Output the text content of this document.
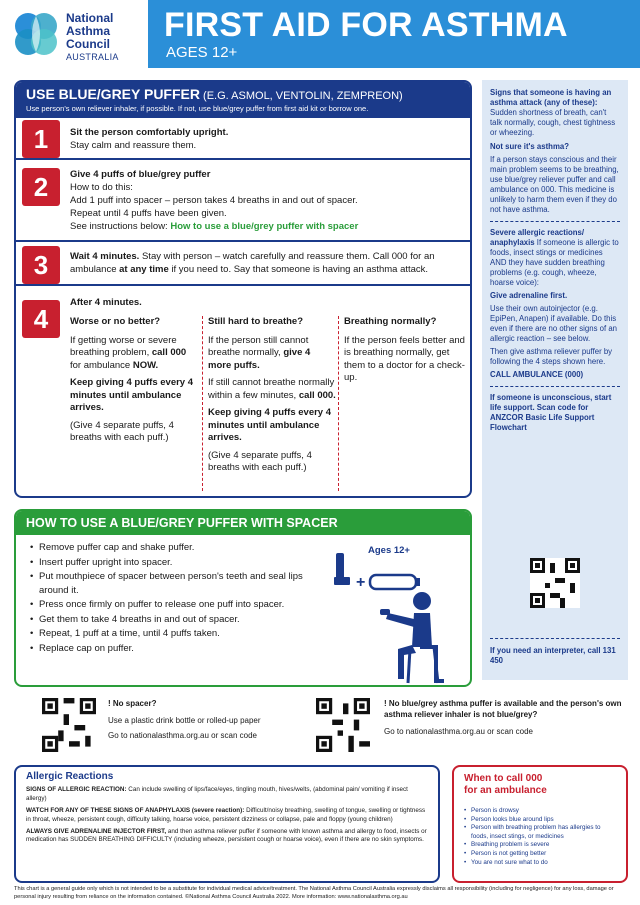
National
Asthma
Council
AUSTRALIA
FIRST AID FOR ASTHMA
AGES 12+
USE BLUE/GREY PUFFER (E.G. ASMOL, VENTOLIN, ZEMPREON)
Use person's own reliever inhaler, if possible. If not, use blue/grey puffer from first aid kit or borrow one.
1	Sit the person comfortably upright.
Stay calm and reassure them.
2	Give 4 puffs of blue/grey puffer
How to do this:
Add 1 puff into spacer – person takes 4 breaths in and out of spacer.
Repeat until 4 puffs have been given.
See instructions below: How to use a blue/grey puffer with spacer
3	Wait 4 minutes. Stay with person – watch carefully and reassure them. Call 000 for an
ambulance at any time if you need to. Say that someone is having an asthma attack.
4
After 4 minutes.
Worse or no better?

If getting worse or severe breathing problem, call 000 for ambulance NOW.

Keep giving 4 puffs every 4 minutes until ambulance arrives.

(Give 4 separate puffs, 4 breaths with each puff.)

Still hard to breathe?

If the person still cannot breathe normally, give 4 more puffs.

If still cannot breathe normally within a few minutes, call 000.

Keep giving 4 puffs every 4 minutes until ambulance arrives.

(Give 4 separate puffs, 4 breaths with each puff.)

Breathing normally?

If the person feels better and is breathing normally, get them to a doctor for a check-up.

Signs that someone is having an asthma attack (any of these): Sudden shortness of breath, can't talk normally, cough, chest tightness or wheezing.

Not sure it's asthma?

If a person stays conscious and their main problem seems to be breathing, use blue/grey reliever puffer and call ambulance on 000. This medicine is unlikely to harm them even if they do not have asthma.

Severe allergic reactions/ anaphylaxis If someone is allergic to foods, insect stings or medicines AND they have sudden breathing problems (e.g. cough, wheeze, hoarse voice):

Give adrenaline first.

Use their own autoinjector (e.g. EpiPen, Anapen) if available. Do this even if there are no other signs of an allergic reaction – see below.

Then give asthma reliever puffer by following the 4 steps shown here.

CALL AMBULANCE (000)

If someone is unconscious, start life support. Scan code for ANZCOR Basic Life Support Flowchart

If you need an interpreter, call 131 450

HOW TO USE A BLUE/GREY PUFFER WITH SPACER
• Remove puffer cap and shake puffer.
• Insert puffer upright into spacer.
• Put mouthpiece of spacer between person's teeth and seal lips around it.
• Press once firmly on puffer to release one puff into spacer.
• Get them to take 4 breaths in and out of spacer.
• Repeat, 1 puff at a time, until 4 puffs taken.
• Replace cap on puffer.
Ages 12+
+
! No spacer?
Use a plastic drink bottle or rolled-up paper
Go to nationalasthma.org.au or scan code
! No blue/grey asthma puffer is available and the person's own asthma reliever inhaler is not blue/grey?
Go to nationalasthma.org.au or scan code
Allergic Reactions

SIGNS OF ALLERGIC REACTION: Can include swelling of lips/face/eyes, tingling mouth, hives/welts, (abdominal pain/ vomiting if insect allergy)

WATCH FOR ANY OF THESE SIGNS OF ANAPHYLAXIS (severe reaction): Difficult/noisy breathing, swelling of tongue, swelling or tightness in throat, wheeze, persistent cough, difficulty talking, hoarse voice, persistent dizziness or collapse, pale and floppy (young children)

ALWAYS GIVE ADRENALINE INJECTOR FIRST, and then asthma reliever puffer if someone with known asthma and allergy to food, insects or medication has SUDDEN BREATHING DIFFICULTY (including wheeze, persistent cough or hoarse voice), even if there are no skin symptoms.

When to call 000
for an ambulance
• Person is drowsy
• Person looks blue around lips
• Person with breathing problem has allergies to foods, insect stings, or medicines
• Breathing problem is severe
• Person is not getting better
• You are not sure what to do
This chart is a general guide only which is not intended to be a substitute for individual medical advice/treatment. The National Asthma Council Australia expressly disclaims all responsibility (including for negligence) for any loss, damage or personal injury resulting from reliance on the information contained. ©National Asthma Council Australia 2022. More information: www.nationalasthma.org.au
